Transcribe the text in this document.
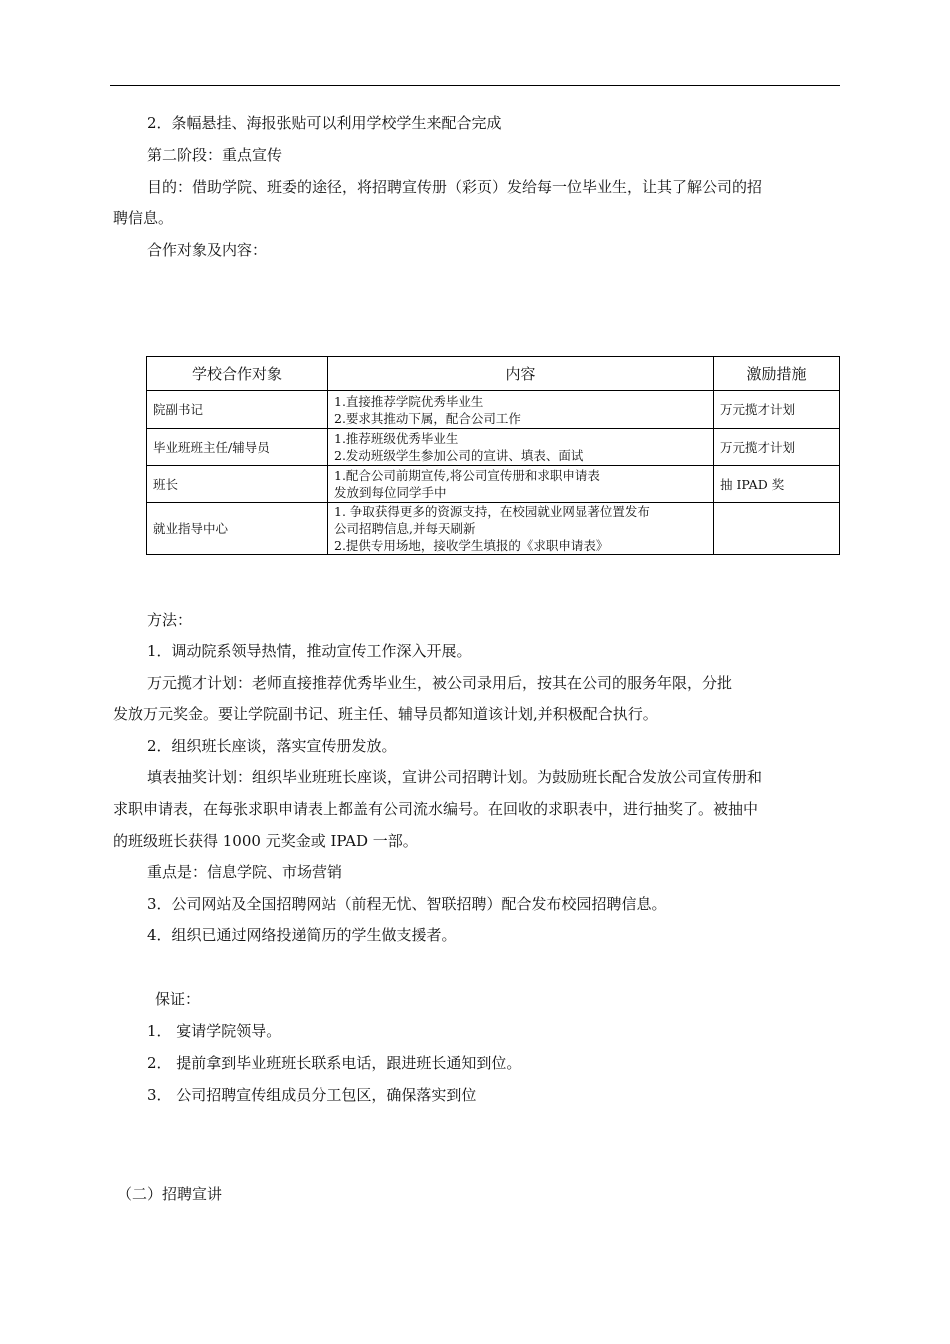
2．条幅悬挂、海报张贴可以利用学校学生来配合完成
第二阶段：重点宣传
目的：借助学院、班委的途径，将招聘宣传册（彩页）发给每一位毕业生，让其了解公司的招
聘信息。
合作对象及内容：
学校合作对象	内容	激励措施
院副书记	1.直接推荐学院优秀毕业生
2.要求其推动下属，配合公司工作	万元揽才计划
毕业班班主任/辅导员	1.推荐班级优秀毕业生
2.发动班级学生参加公司的宣讲、填表、面试	万元揽才计划
班长	1.配合公司前期宣传,将公司宣传册和求职申请表
发放到每位同学手中	抽 IPAD 奖
就业指导中心	1. 争取获得更多的资源支持，在校园就业网显著位置发布
公司招聘信息,并每天刷新
2.提供专用场地，接收学生填报的《求职申请表》	

方法：
1．调动院系领导热情，推动宣传工作深入开展。
万元揽才计划：老师直接推荐优秀毕业生，被公司录用后，按其在公司的服务年限，分批
发放万元奖金。要让学院副书记、班主任、辅导员都知道该计划,并积极配合执行。
2．组织班长座谈，落实宣传册发放。
填表抽奖计划：组织毕业班班长座谈，宣讲公司招聘计划。为鼓励班长配合发放公司宣传册和
求职申请表，在每张求职申请表上都盖有公司流水编号。在回收的求职表中，进行抽奖了。被抽中
的班级班长获得 1000 元奖金或 IPAD 一部。
重点是：信息学院、市场营销
3．公司网站及全国招聘网站（前程无忧、智联招聘）配合发布校园招聘信息。
4．组织已通过网络投递简历的学生做支援者。
保证：
1． 宴请学院领导。
2． 提前拿到毕业班班长联系电话，跟进班长通知到位。
3． 公司招聘宣传组成员分工包区，确保落实到位
（二）招聘宣讲
